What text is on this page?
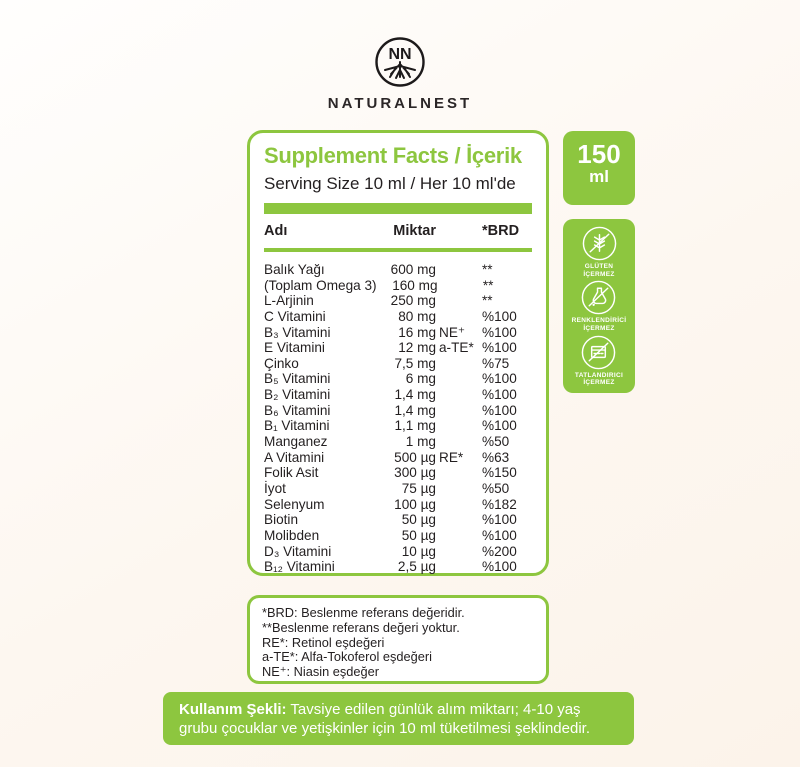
NN
NATURALNEST
Supplement Facts / İçerik
Serving Size 10 ml / Her 10 ml'de
Adı	Miktar	*BRD
Balık Yağı	600 mg	**
(Toplam Omega 3)	160 mg	**
L-Arjinin	250 mg	**
C Vitamini	80 mg	%100
B₃ Vitamini	16 mg NE⁺	%100
E Vitamini	12 mg a-TE* %100
Çinko	7,5 mg	%75
B₅ Vitamini	6 mg	%100
B₂ Vitamini	1,4 mg	%100
B₆ Vitamini	1,4 mg	%100
B₁ Vitamini	1,1 mg	%100
Manganez	1 mg	%50
A Vitamini	500 µg RE*	%63
Folik Asit	300 µg	%150
İyot	75 µg	%50
Selenyum	100 µg	%182
Biotin	50 µg	%100
Molibden	50 µg	%100
D₃ Vitamini	10 µg	%200
B₁₂ Vitamini	2,5 µg	%100
150
ml
GLÜTEN
İÇERMEZ
RENKLENDİRİCİ
İÇERMEZ
TATLANDIRICI
İÇERMEZ
*BRD: Beslenme referans değeridir.
**Beslenme referans değeri yoktur.
RE*: Retinol eşdeğeri
a-TE*: Alfa-Tokoferol eşdeğeri
NE⁺: Niasin eşdeğer
Kullanım Şekli: Tavsiye edilen günlük alım miktarı; 4-10 yaş grubu çocuklar ve yetişkinler için 10 ml tüketilmesi şeklindedir.
